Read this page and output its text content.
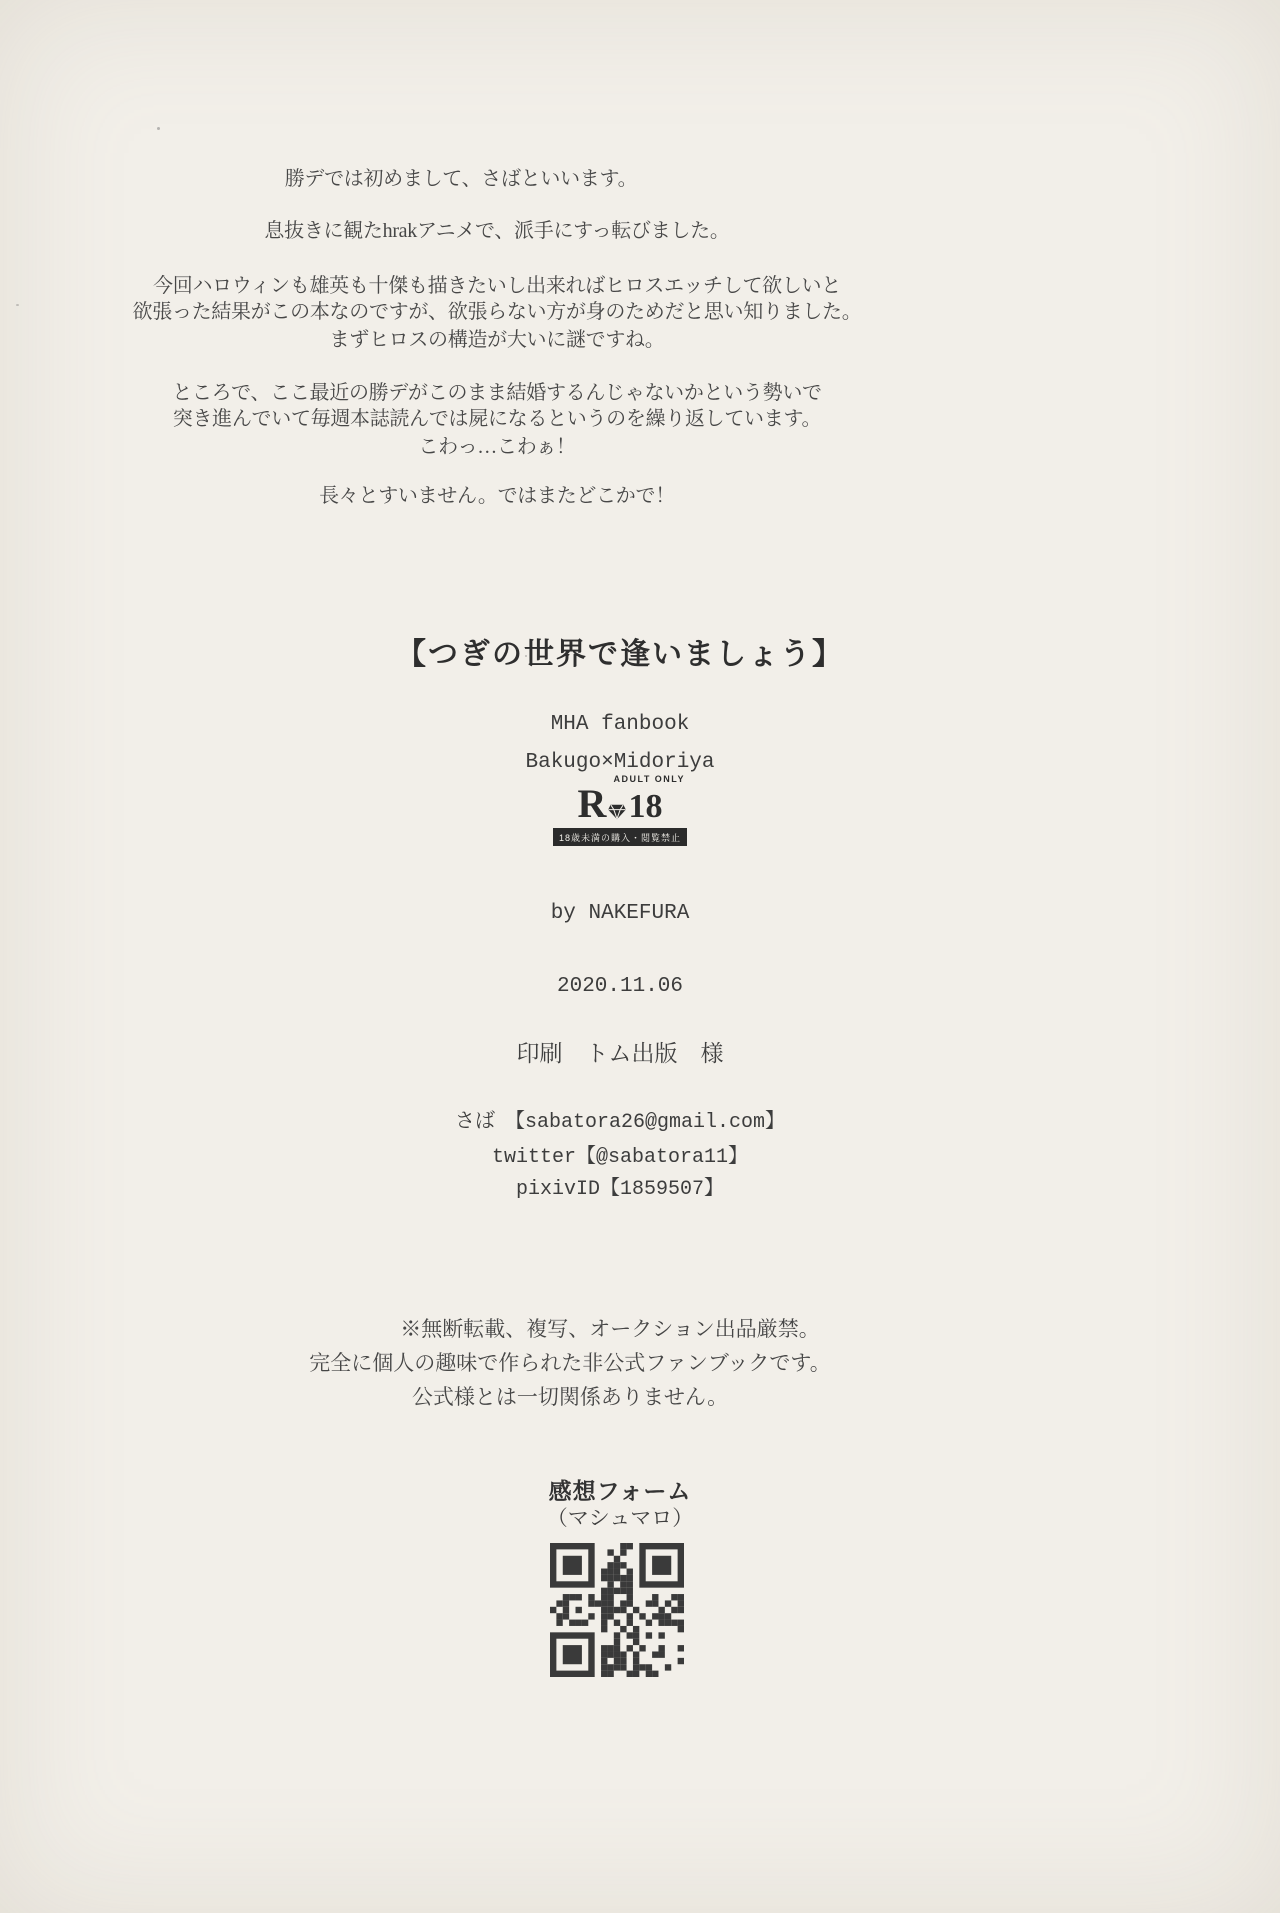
勝デでは初めまして、さばといいます。

息抜きに観たhrakアニメで、派手にすっ転びました。

今回ハロウィンも雄英も十傑も描きたいし出来ればヒロスエッチして欲しいと

欲張った結果がこの本なのですが、欲張らない方が身のためだと思い知りました。

まずヒロスの構造が大いに謎ですね。

ところで、ここ最近の勝デがこのまま結婚するんじゃないかという勢いで

突き進んでいて毎週本誌読んでは屍になるというのを繰り返しています。

こわっ…こわぁ！

長々とすいません。ではまたどこかで！

【つぎの世界で逢いましょう】

MHA fanbook

Bakugo×Midoriya

ADULT ONLY
R 18
18歳未満の購入・閲覧禁止

by NAKEFURA

2020.11.06

印刷　トム出版　様

さば　【sabatora26@gmail.com】

twitter【@sabatora11】

pixivID【1859507】

※無断転載、複写、オークション出品厳禁。

完全に個人の趣味で作られた非公式ファンブックです。

公式様とは一切関係ありません。

感想フォーム

（マシュマロ）
